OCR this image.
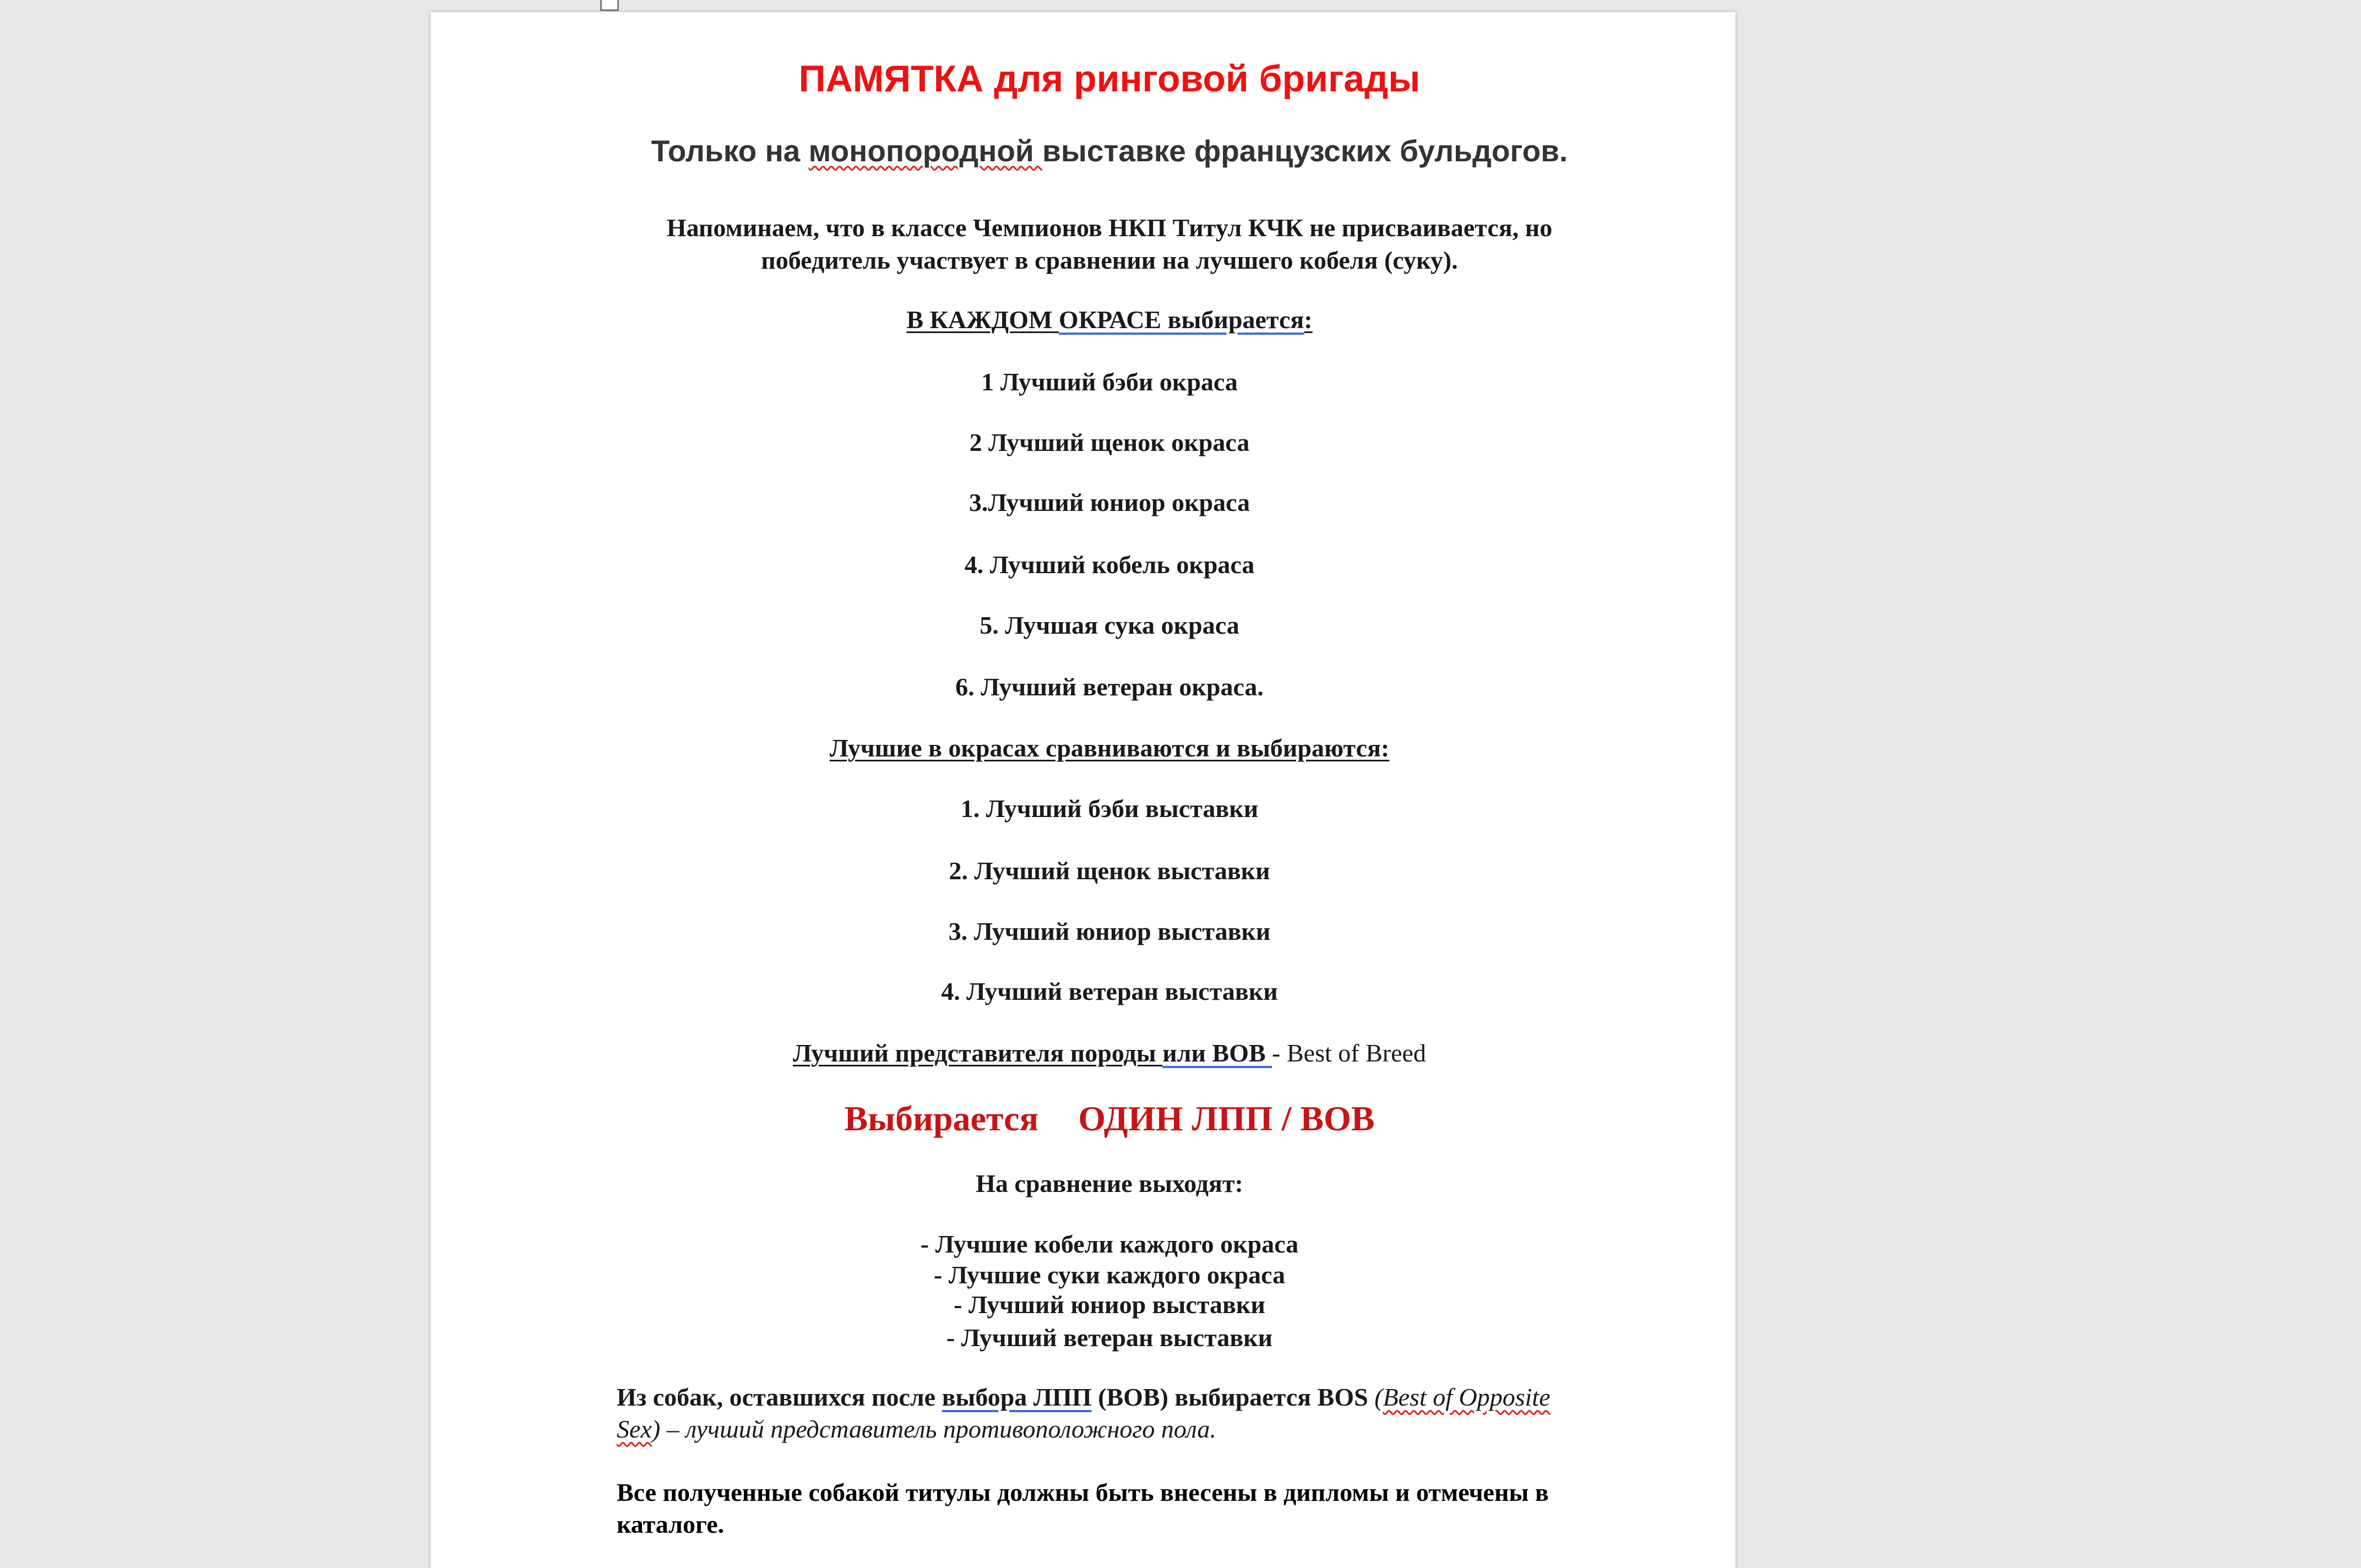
ПАМЯТКА для ринговой бригады
Только на монопородной выставке французских бульдогов.
Напоминаем, что в классе Чемпионов НКП Титул КЧК не присваивается, но
победитель участвует в сравнении на лучшего кобеля (суку).
В КАЖДОМ ОКРАСЕ выбирается:
1 Лучший бэби окраса
2 Лучший щенок окраса
3.Лучший юниор окраса
4. Лучший кобель окраса
5. Лучшая сука окраса
6. Лучший ветеран окраса.
Лучшие в окрасах сравниваются и выбираются:
1. Лучший бэби выставки
2. Лучший щенок выставки
3. Лучший юниор выставки
4. Лучший ветеран выставки
Лучший представителя породы или ВОВ - Best of Breed
Выбирается ОДИН ЛПП / ВОВ
На сравнение выходят:
- Лучшие кобели каждого окраса
- Лучшие суки каждого окраса
- Лучший юниор выставки
- Лучший ветеран выставки
Из собак, оставшихся после выбора ЛПП (ВОВ) выбирается BOS (Best of Opposite
Sex) – лучший представитель противоположного пола.
Все полученные собакой титулы должны быть внесены в дипломы и отмечены в
каталоге.
